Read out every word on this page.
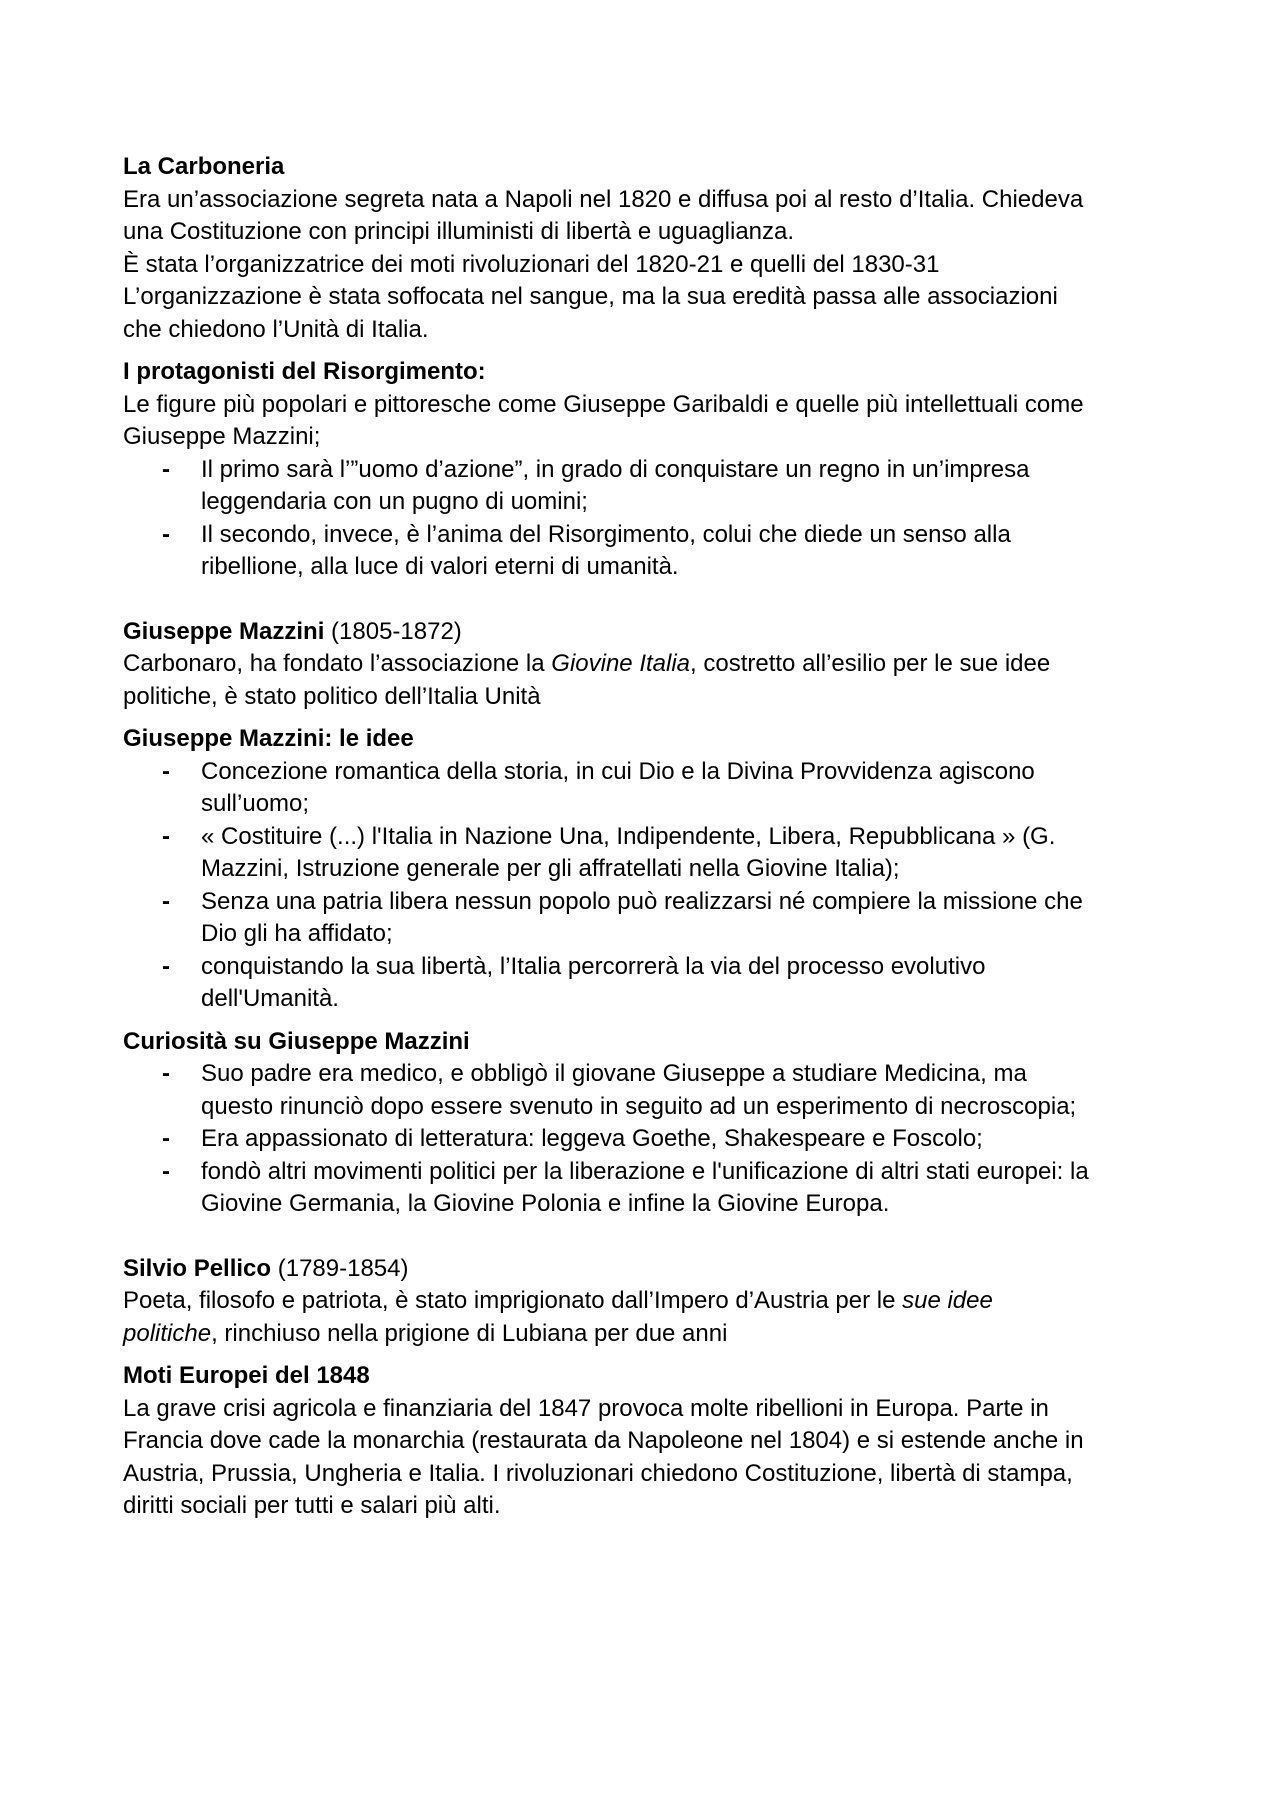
La Carboneria

Era un’associazione segreta nata a Napoli nel 1820 e diffusa poi al resto d’Italia. Chiedeva

una Costituzione con principi illuministi di libertà e uguaglianza.

È stata l’organizzatrice dei moti rivoluzionari del 1820-21 e quelli del 1830-31

L’organizzazione è stata soffocata nel sangue, ma la sua eredità passa alle associazioni

che chiedono l’Unità di Italia.

I protagonisti del Risorgimento:

Le figure più popolari e pittoresche come Giuseppe Garibaldi e quelle più intellettuali come

Giuseppe Mazzini;

- Il primo sarà l’”uomo d’azione”, in grado di conquistare un regno in un’impresa

leggendaria con un pugno di uomini;

- Il secondo, invece, è l’anima del Risorgimento, colui che diede un senso alla

ribellione, alla luce di valori eterni di umanità.

Giuseppe Mazzini (1805-1872)

Carbonaro, ha fondato l’associazione la Giovine Italia, costretto all’esilio per le sue idee

politiche, è stato politico dell’Italia Unità

Giuseppe Mazzini: le idee

- Concezione romantica della storia, in cui Dio e la Divina Provvidenza agiscono

sull’uomo;

- « Costituire (...) l'Italia in Nazione Una, Indipendente, Libera, Repubblicana » (G.

Mazzini, Istruzione generale per gli affratellati nella Giovine Italia);

- Senza una patria libera nessun popolo può realizzarsi né compiere la missione che

Dio gli ha affidato;

- conquistando la sua libertà, l’Italia percorrerà la via del processo evolutivo

dell'Umanità.

Curiosità su Giuseppe Mazzini

- Suo padre era medico, e obbligò il giovane Giuseppe a studiare Medicina, ma

questo rinunciò dopo essere svenuto in seguito ad un esperimento di necroscopia;

- Era appassionato di letteratura: leggeva Goethe, Shakespeare e Foscolo;

- fondò altri movimenti politici per la liberazione e l'unificazione di altri stati europei: la

Giovine Germania, la Giovine Polonia e infine la Giovine Europa.

Silvio Pellico (1789-1854)

Poeta, filosofo e patriota, è stato imprigionato dall’Impero d’Austria per le sue idee

politiche, rinchiuso nella prigione di Lubiana per due anni

Moti Europei del 1848

La grave crisi agricola e finanziaria del 1847 provoca molte ribellioni in Europa. Parte in

Francia dove cade la monarchia (restaurata da Napoleone nel 1804) e si estende anche in

Austria, Prussia, Ungheria e Italia. I rivoluzionari chiedono Costituzione, libertà di stampa,

diritti sociali per tutti e salari più alti.
